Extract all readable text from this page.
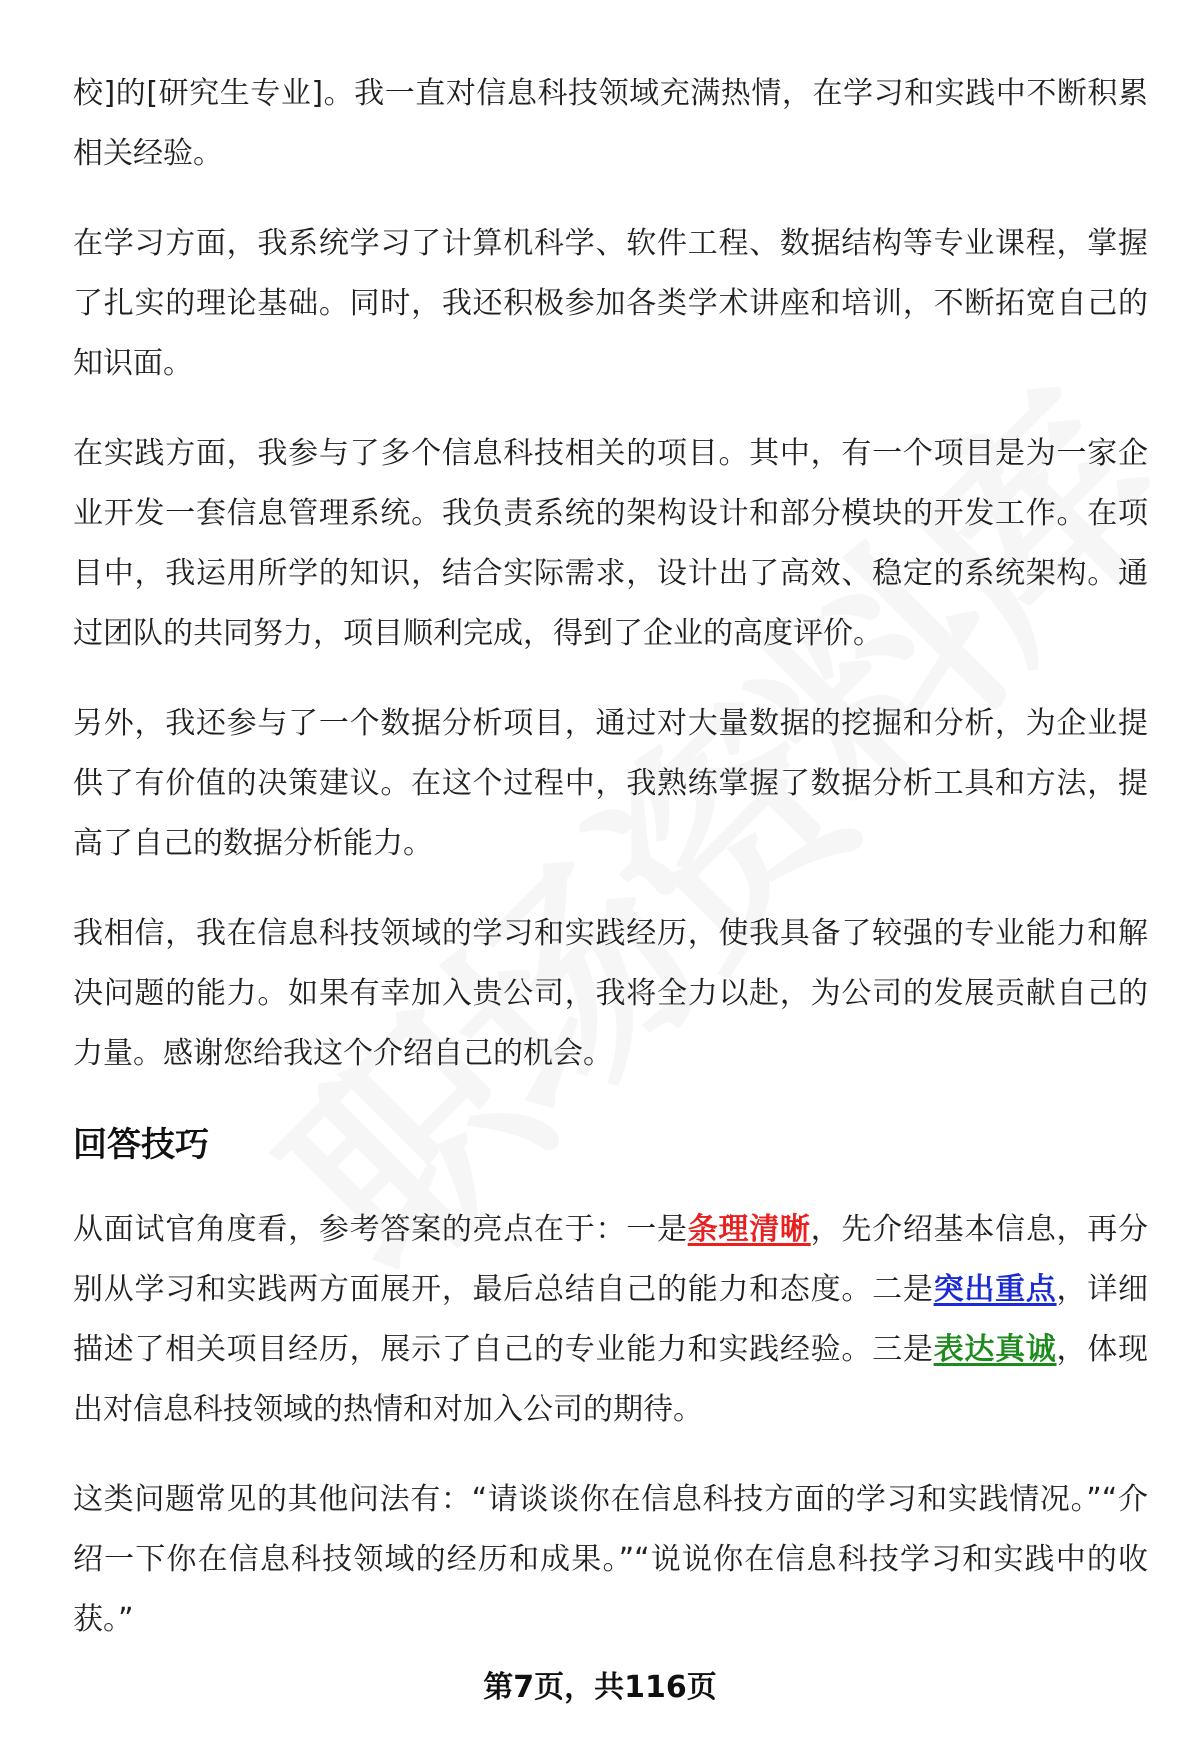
校]的[研究生专业]。我一直对信息科技领域充满热情，在学习和实践中不断积累相关经验。

在学习方面，我系统学习了计算机科学、软件工程、数据结构等专业课程，掌握了扎实的理论基础。同时，我还积极参加各类学术讲座和培训，不断拓宽自己的知识面。

在实践方面，我参与了多个信息科技相关的项目。其中，有一个项目是为一家企业开发一套信息管理系统。我负责系统的架构设计和部分模块的开发工作。在项目中，我运用所学的知识，结合实际需求，设计出了高效、稳定的系统架构。通过团队的共同努力，项目顺利完成，得到了企业的高度评价。

另外，我还参与了一个数据分析项目，通过对大量数据的挖掘和分析，为企业提供了有价值的决策建议。在这个过程中，我熟练掌握了数据分析工具和方法，提高了自己的数据分析能力。

我相信，我在信息科技领域的学习和实践经历，使我具备了较强的专业能力和解决问题的能力。如果有幸加入贵公司，我将全力以赴，为公司的发展贡献自己的力量。感谢您给我这个介绍自己的机会。

回答技巧

从面试官角度看，参考答案的亮点在于：一是条理清晰，先介绍基本信息，再分别从学习和实践两方面展开，最后总结自己的能力和态度。二是突出重点，详细描述了相关项目经历，展示了自己的专业能力和实践经验。三是表达真诚，体现出对信息科技领域的热情和对加入公司的期待。

这类问题常见的其他问法有：“请谈谈你在信息科技方面的学习和实践情况。”“介绍一下你在信息科技领域的经历和成果。”“说说你在信息科技学习和实践中的收获。”

第7页，共116页
